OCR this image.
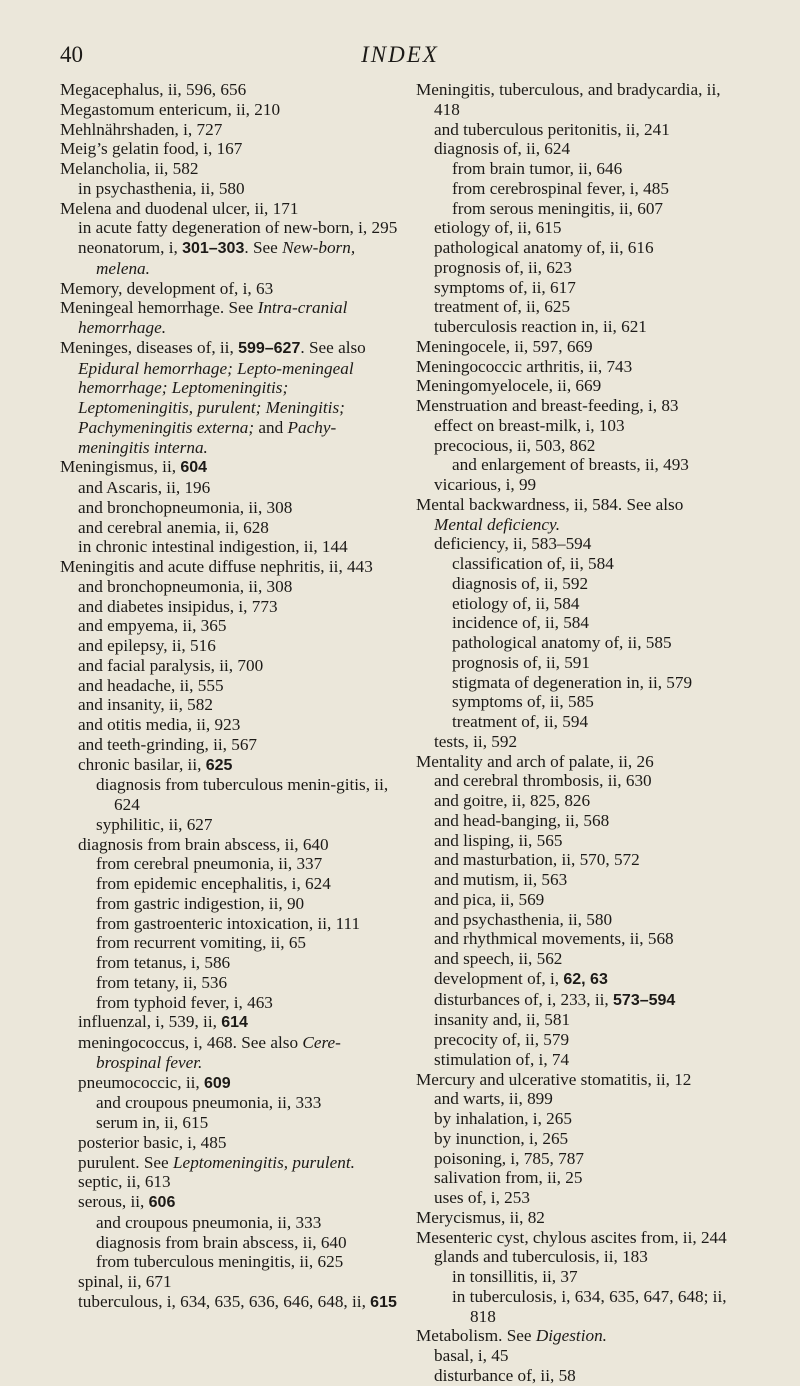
40	INDEX

Megacephalus, ii, 596, 656

Megastomum entericum, ii, 210

Mehlnährshaden, i, 727

Meig’s gelatin food, i, 167

Melancholia, ii, 582

in psychasthenia, ii, 580

Melena and duodenal ulcer, ii, 171

in acute fatty degeneration of new-born, i, 295

neonatorum, i, 301–303. See New-born, melena.

Memory, development of, i, 63

Meningeal hemorrhage. See Intra-cranial hemorrhage.

Meninges, diseases of, ii, 599–627. See also Epidural hemorrhage; Lepto-meningeal hemorrhage; Leptomeningitis; Leptomeningitis, purulent; Meningitis; Pachymeningitis externa; and Pachy-meningitis interna.

Meningismus, ii, 604

and Ascaris, ii, 196

and bronchopneumonia, ii, 308

and cerebral anemia, ii, 628

in chronic intestinal indigestion, ii, 144

Meningitis and acute diffuse nephritis, ii, 443

and bronchopneumonia, ii, 308

and diabetes insipidus, i, 773

and empyema, ii, 365

and epilepsy, ii, 516

and facial paralysis, ii, 700

and headache, ii, 555

and insanity, ii, 582

and otitis media, ii, 923

and teeth-grinding, ii, 567

chronic basilar, ii, 625

diagnosis from tuberculous menin-gitis, ii, 624

syphilitic, ii, 627

diagnosis from brain abscess, ii, 640

from cerebral pneumonia, ii, 337

from epidemic encephalitis, i, 624

from gastric indigestion, ii, 90

from gastroenteric intoxication, ii, 111

from recurrent vomiting, ii, 65

from tetanus, i, 586

from tetany, ii, 536

from typhoid fever, i, 463

influenzal, i, 539, ii, 614

meningococcus, i, 468. See also Cere-brospinal fever.

pneumococcic, ii, 609

and croupous pneumonia, ii, 333

serum in, ii, 615

posterior basic, i, 485

purulent. See Leptomeningitis, purulent.

septic, ii, 613

serous, ii, 606

and croupous pneumonia, ii, 333

diagnosis from brain abscess, ii, 640

from tuberculous meningitis, ii, 625

spinal, ii, 671

tuberculous, i, 634, 635, 636, 646, 648, ii, 615

Meningitis, tuberculous, and bradycardia, ii, 418

and tuberculous peritonitis, ii, 241

diagnosis of, ii, 624

from brain tumor, ii, 646

from cerebrospinal fever, i, 485

from serous meningitis, ii, 607

etiology of, ii, 615

pathological anatomy of, ii, 616

prognosis of, ii, 623

symptoms of, ii, 617

treatment of, ii, 625

tuberculosis reaction in, ii, 621

Meningocele, ii, 597, 669

Meningococcic arthritis, ii, 743

Meningomyelocele, ii, 669

Menstruation and breast-feeding, i, 83

effect on breast-milk, i, 103

precocious, ii, 503, 862

and enlargement of breasts, ii, 493

vicarious, i, 99

Mental backwardness, ii, 584. See also Mental deficiency.

deficiency, ii, 583–594

classification of, ii, 584

diagnosis of, ii, 592

etiology of, ii, 584

incidence of, ii, 584

pathological anatomy of, ii, 585

prognosis of, ii, 591

stigmata of degeneration in, ii, 579

symptoms of, ii, 585

treatment of, ii, 594

tests, ii, 592

Mentality and arch of palate, ii, 26

and cerebral thrombosis, ii, 630

and goitre, ii, 825, 826

and head-banging, ii, 568

and lisping, ii, 565

and masturbation, ii, 570, 572

and mutism, ii, 563

and pica, ii, 569

and psychasthenia, ii, 580

and rhythmical movements, ii, 568

and speech, ii, 562

development of, i, 62, 63

disturbances of, i, 233, ii, 573–594

insanity and, ii, 581

precocity of, ii, 579

stimulation of, i, 74

Mercury and ulcerative stomatitis, ii, 12

and warts, ii, 899

by inhalation, i, 265

by inunction, i, 265

poisoning, i, 785, 787

salivation from, ii, 25

uses of, i, 253

Merycismus, ii, 82

Mesenteric cyst, chylous ascites from, ii, 244

glands and tuberculosis, ii, 183

in tonsillitis, ii, 37

in tuberculosis, i, 634, 635, 647, 648; ii, 818

Metabolism. See Digestion.

basal, i, 45

disturbance of, ii, 58
